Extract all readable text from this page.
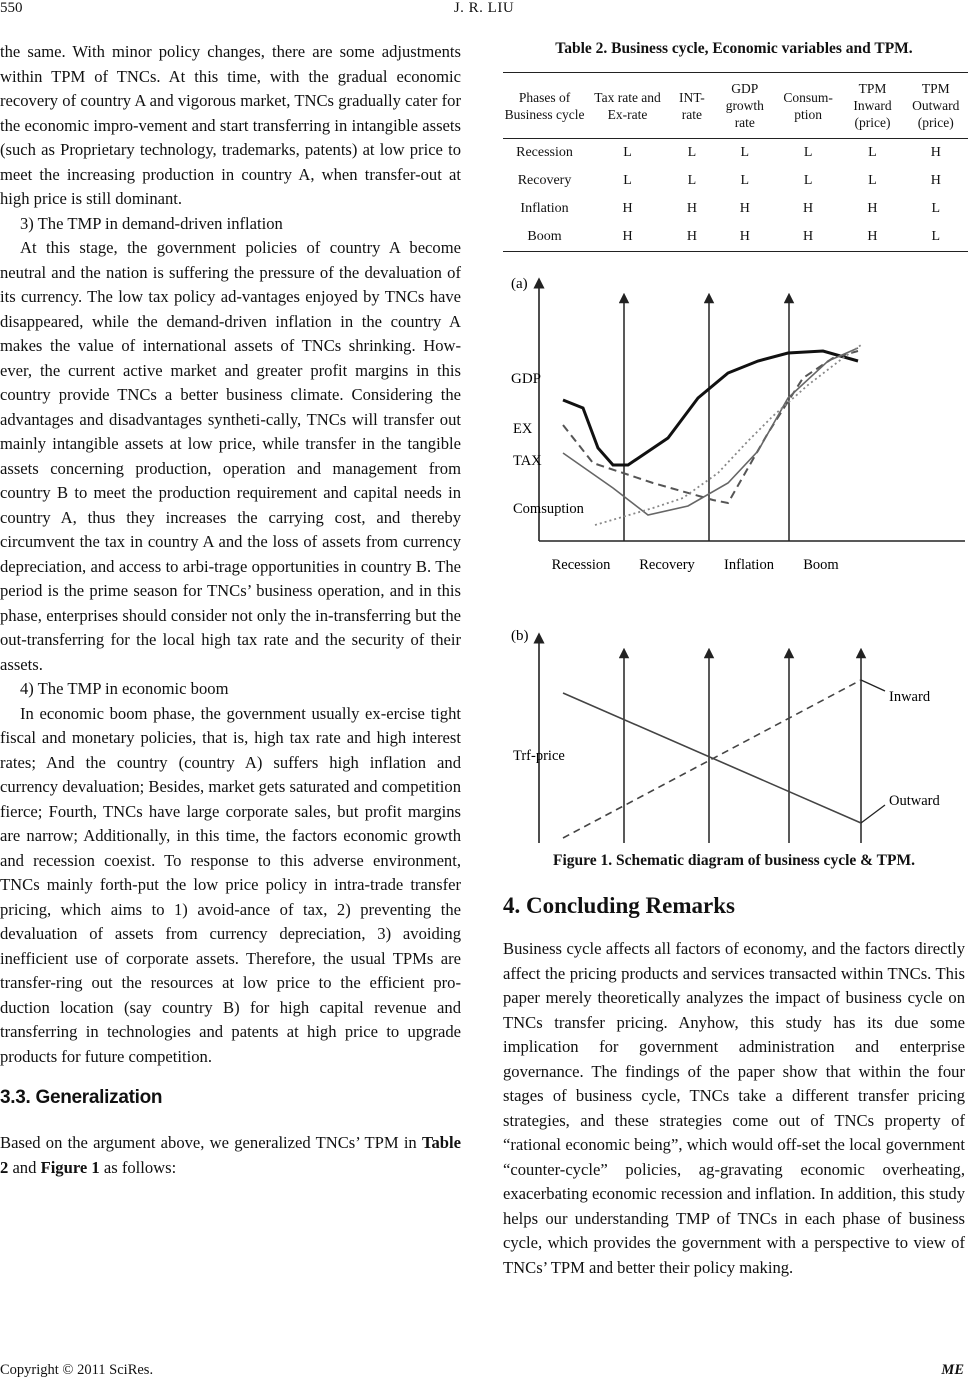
550	J. R. LIU

the same. With minor policy changes, there are some adjustments within TPM of TNCs. At this time, with the gradual economic recovery of country A and vigorous market, TNCs gradually cater for the economic impro-vement and start transferring in intangible assets (such as Proprietary technology, trademarks, patents) at low price to meet the increasing production in country A, when transfer-out at high price is still dominant.

3) The TMP in demand-driven inflation

At this stage, the government policies of country A become neutral and the nation is suffering the pressure of the devaluation of its currency. The low tax policy ad-vantages enjoyed by TNCs have disappeared, while the demand-driven inflation in the country A makes the value of international assets of TNCs shrinking. How-ever, the current active market and greater profit margins in this country provide TNCs a better business climate. Considering the advantages and disadvantages syntheti-cally, TNCs will transfer out mainly intangible assets at low price, while transfer in the tangible assets concerning production, operation and management from country B to meet the production requirement and capital needs in country A, thus they increases the carrying cost, and thereby circumvent the tax in country A and the loss of assets from currency depreciation, and access to arbi-trage opportunities in country B. The period is the prime season for TNCs’ business operation, and in this phase, enterprises should consider not only the in-transferring but the out-transferring for the local high tax rate and the security of their assets.

4) The TMP in economic boom

In economic boom phase, the government usually ex-ercise tight fiscal and monetary policies, that is, high tax rate and high interest rates; And the country (country A) suffers high inflation and currency devaluation; Besides, market gets saturated and competition fierce; Fourth, TNCs have large corporate sales, but profit margins are narrow; Additionally, in this time, the factors economic growth and recession coexist. To response to this adverse environment, TNCs mainly forth-put the low price policy in intra-trade transfer pricing, which aims to 1) avoid-ance of tax, 2) preventing the devaluation of assets from currency depreciation, 3) avoiding inefficient use of corporate assets. Therefore, the usual TPMs are transfer-ring out the resources at low price to the efficient pro-duction location (say country B) for high capital revenue and transferring in technologies and patents at high price to upgrade products for future competition.

3.3. Generalization

Based on the argument above, we generalized TNCs’ TPM in Table 2 and Figure 1 as follows:

Table 2. Business cycle, Economic variables and TPM.
Phases of Business cycle	Tax rate and Ex-rate	INT-rate	GDP growth rate	Consum-ption	TPM Inward (price)	TPM Outward (price)
Recession	L	L	L	L	L	H
Recovery	L	L	L	L	L	H
Inflation	H	H	H	H	H	L
Boom	H	H	H	H	H	L
(a)
GDP
EX
TAX
Comsuption
Recession Recovery Inflation Boom
(b)
Trf-price
Inward
Outward
Figure 1. Schematic diagram of business cycle & TPM.
4. Concluding Remarks

Business cycle affects all factors of economy, and the factors directly affect the pricing products and services transacted within TNCs. This paper merely theoretically analyzes the impact of business cycle on TNCs transfer pricing. Anyhow, this study has its due some implication for government administration and enterprise governance. The findings of the paper show that within the four stages of business cycle, TNCs take a different transfer pricing strategies, and these strategies come out of TNCs property of “rational economic being”, which would off-set the local government “counter-cycle” policies, ag-gravating economic overheating, exacerbating economic recession and inflation. In addition, this study helps our understanding TMP of TNCs in each phase of business cycle, which provides the government with a perspective to view of TNCs’ TPM and better their policy making.

Copyright © 2011 SciRes.	ME
